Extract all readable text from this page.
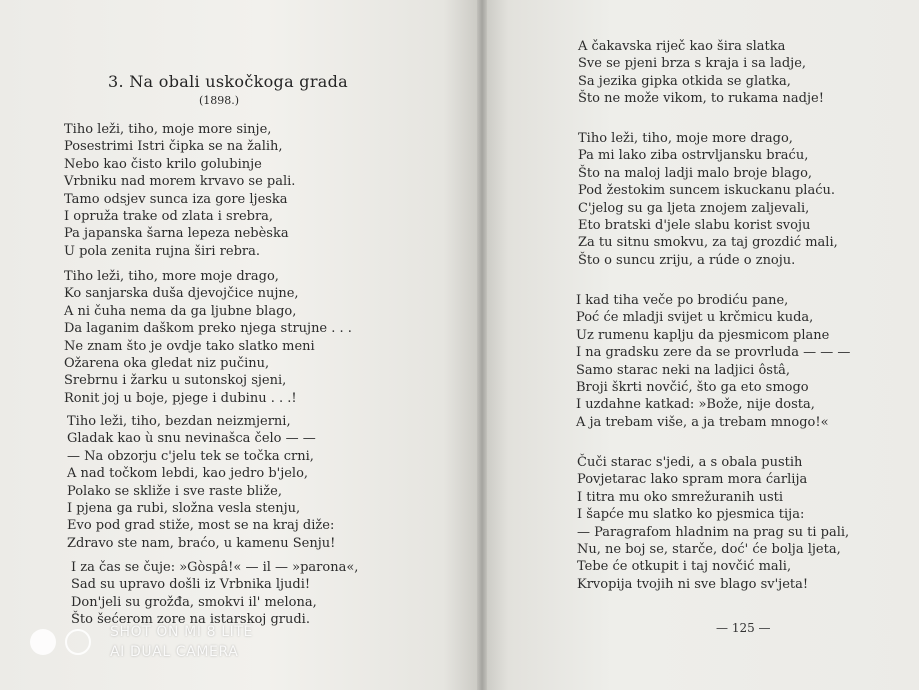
3. Na obali uskočkoga grada
(1898.)
Tiho leži, tiho, moje more sinje,
Posestrimi Istri čipka se na žalih,
Nebo kao čisto krilo golubinje
Vrbniku nad morem krvavo se pali.
Tamo odsjev sunca iza gore ljeska
I opruža trake od zlata i srebra,
Pa japanska šarna lepeza nebèska
U pola zenita rujna širi rebra.
Tiho leži, tiho, more moje drago,
Ko sanjarska duša djevojčice nujne,
A ni čuha nema da ga ljubne blago,
Da laganim daškom preko njega strujne . . .
Ne znam što je ovdje tako slatko meni
Ožarena oka gledat niz pučinu,
Srebrnu i žarku u sutonskoj sjeni,
Ronit joj u boje, pjege i dubinu . . .!
Tiho leži, tiho, bezdan neizmjerni,
Gladak kao ù snu nevinašca čelo — —
— Na obzorju c'jelu tek se točka crni,
A nad točkom lebdi, kao jedro b'jelo,
Polako se skliže i sve raste bliže,
I pjena ga rubi, složna vesla stenju,
Evo pod grad stiže, most se na kraj diže:
Zdravo ste nam, braćo, u kamenu Senju!
I za čas se čuje: »Gòspâ!« — il — »parona«,
Sad su upravo došli iz Vrbnika ljudi!
Don'jeli su grožđa, smokvi il' melona,
Što šećerom zore na istarskoj grudi.
A čakavska riječ kao šira slatka
Sve se pjeni brza s kraja i sa ladje,
Sa jezika gipka otkida se glatka,
Što ne može vikom, to rukama nadje!
Tiho leži, tiho, moje more drago,
Pa mi lako ziba ostrvljansku braću,
Što na maloj ladji malo broje blago,
Pod žestokim suncem iskuckanu plaću.
C'jelog su ga ljeta znojem zaljevali,
Eto bratski d'jele slabu korist svoju
Za tu sitnu smokvu, za taj grozdić mali,
Što o suncu zriju, a rúde o znoju.
I kad tiha veče po brodiću pane,
Poć će mladji svijet u krčmicu kuda,
Uz rumenu kaplju da pjesmicom plane
I na gradsku zere da se provrluda — — —
Samo starac neki na ladjici ôstâ,
Broji škrti novčić, što ga eto smogo
I uzdahne katkad: »Bože, nije dosta,
A ja trebam više, a ja trebam mnogo!«
Čuči starac s'jedi, a s obala pustih
Povjetarac lako spram mora ćarlija
I titra mu oko smrežuranih usti
I šapće mu slatko ko pjesmica tija:
— Paragrafom hladnim na prag su ti pali,
Nu, ne boj se, starče, doć' će bolja ljeta,
Tebe će otkupit i taj novčić mali,
Krvopija tvojih ni sve blago sv'jeta!
— 125 —
SHOT ON MI 8 LITE
AI DUAL CAMERA
